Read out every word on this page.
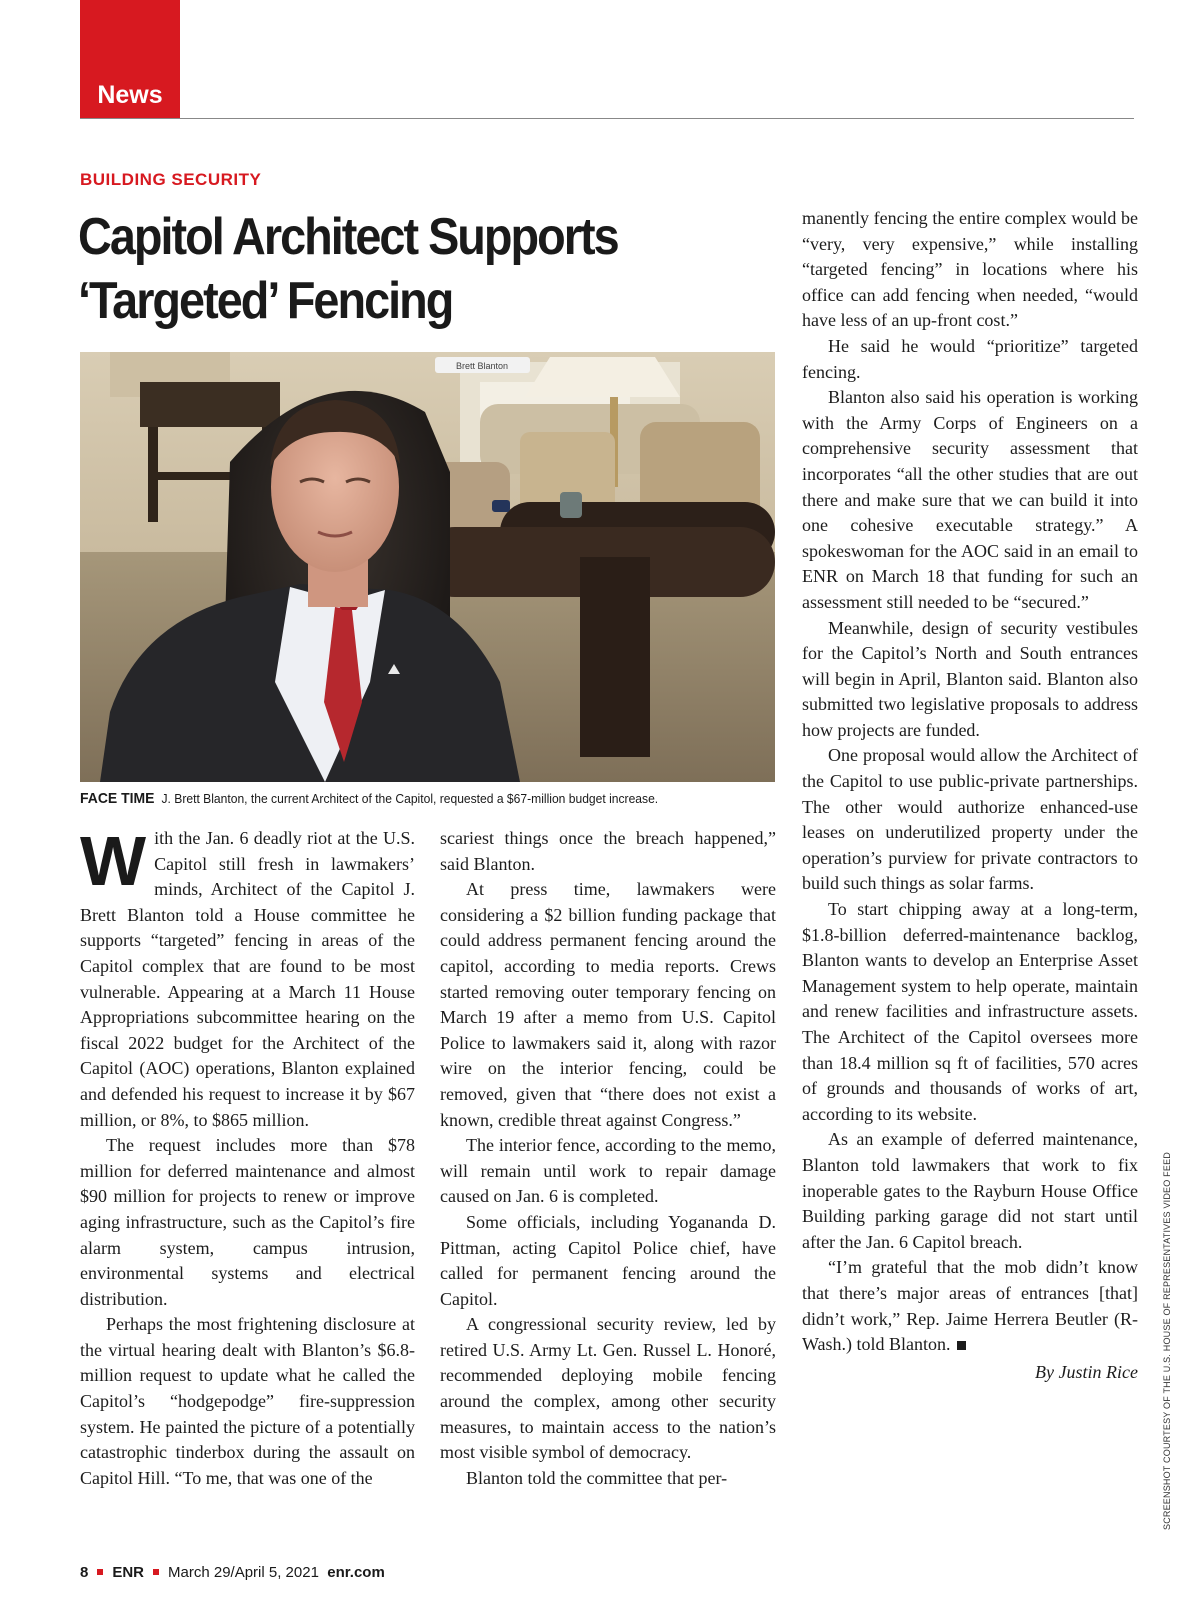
News
BUILDING SECURITY
Capitol Architect Supports
‘Targeted’ Fencing
Brett Blanton
FACE TIME J. Brett Blanton, the current Architect of the Capitol, requested a $67-million budget increase.
W ith the Jan. 6 deadly riot at the U.S. Capitol still fresh in lawmakers’ minds, Architect of the Capitol J. Brett Blanton told a House committee he supports “targeted” fencing in areas of the Capitol complex that are found to be most vulnerable. Appearing at a March 11 House Appropriations subcommittee hearing on the fiscal 2022 budget for the Architect of the Capitol (AOC) operations, Blanton explained and defended his request to increase it by $67 million, or 8%, to $865 million.

The request includes more than $78 million for deferred maintenance and almost $90 million for projects to renew or improve aging infrastructure, such as the Capitol’s fire alarm system, campus intrusion, environmental systems and electrical distribution.

Perhaps the most frightening disclosure at the virtual hearing dealt with Blanton’s $6.8-million request to update what he called the Capitol’s “hodgepodge” fire-suppression system. He painted the picture of a potentially catastrophic tinderbox during the assault on Capitol Hill. “To me, that was one of the

scariest things once the breach happened,” said Blanton.

At press time, lawmakers were considering a $2 billion funding package that could address permanent fencing around the capitol, according to media reports. Crews started removing outer temporary fencing on March 19 after a memo from U.S. Capitol Police to lawmakers said it, along with razor wire on the interior fencing, could be removed, given that “there does not exist a known, credible threat against Congress.”

The interior fence, according to the memo, will remain until work to repair damage caused on Jan. 6 is completed.

Some officials, including Yogananda D. Pittman, acting Capitol Police chief, have called for permanent fencing around the Capitol.

A congressional security review, led by retired U.S. Army Lt. Gen. Russel L. Honoré, recommended deploying mobile fencing around the complex, among other security measures, to maintain access to the nation’s most visible symbol of democracy.

Blanton told the committee that per-

manently fencing the entire complex would be “very, very expensive,” while installing “targeted fencing” in locations where his office can add fencing when needed, “would have less of an up-front cost.”

He said he would “prioritize” targeted fencing.

Blanton also said his operation is working with the Army Corps of Engineers on a comprehensive security assessment that incorporates “all the other studies that are out there and make sure that we can build it into one cohesive executable strategy.” A spokeswoman for the AOC said in an email to ENR on March 18 that funding for such an assessment still needed to be “secured.”

Meanwhile, design of security vestibules for the Capitol’s North and South entrances will begin in April, Blanton said. Blanton also submitted two legislative proposals to address how projects are funded.

One proposal would allow the Architect of the Capitol to use public-private partnerships. The other would authorize enhanced-use leases on underutilized property under the operation’s purview for private contractors to build such things as solar farms.

To start chipping away at a long-term, $1.8-billion deferred-maintenance backlog, Blanton wants to develop an Enterprise Asset Management system to help operate, maintain and renew facilities and infrastructure assets. The Architect of the Capitol oversees more than 18.4 million sq ft of facilities, 570 acres of grounds and thousands of works of art, according to its website.

As an example of deferred maintenance, Blanton told lawmakers that work to fix inoperable gates to the Rayburn House Office Building parking garage did not start until after the Jan. 6 Capitol breach.

“I’m grateful that the mob didn’t know that there’s major areas of entrances [that] didn’t work,” Rep. Jaime Herrera Beutler (R-Wash.) told Blanton.

By Justin Rice	SCREENSHOT COURTESY OF THE U.S. HOUSE OF REPRESENTATIVES VIDEO FEED
8 ENR March 29/April 5, 2021 enr.com
